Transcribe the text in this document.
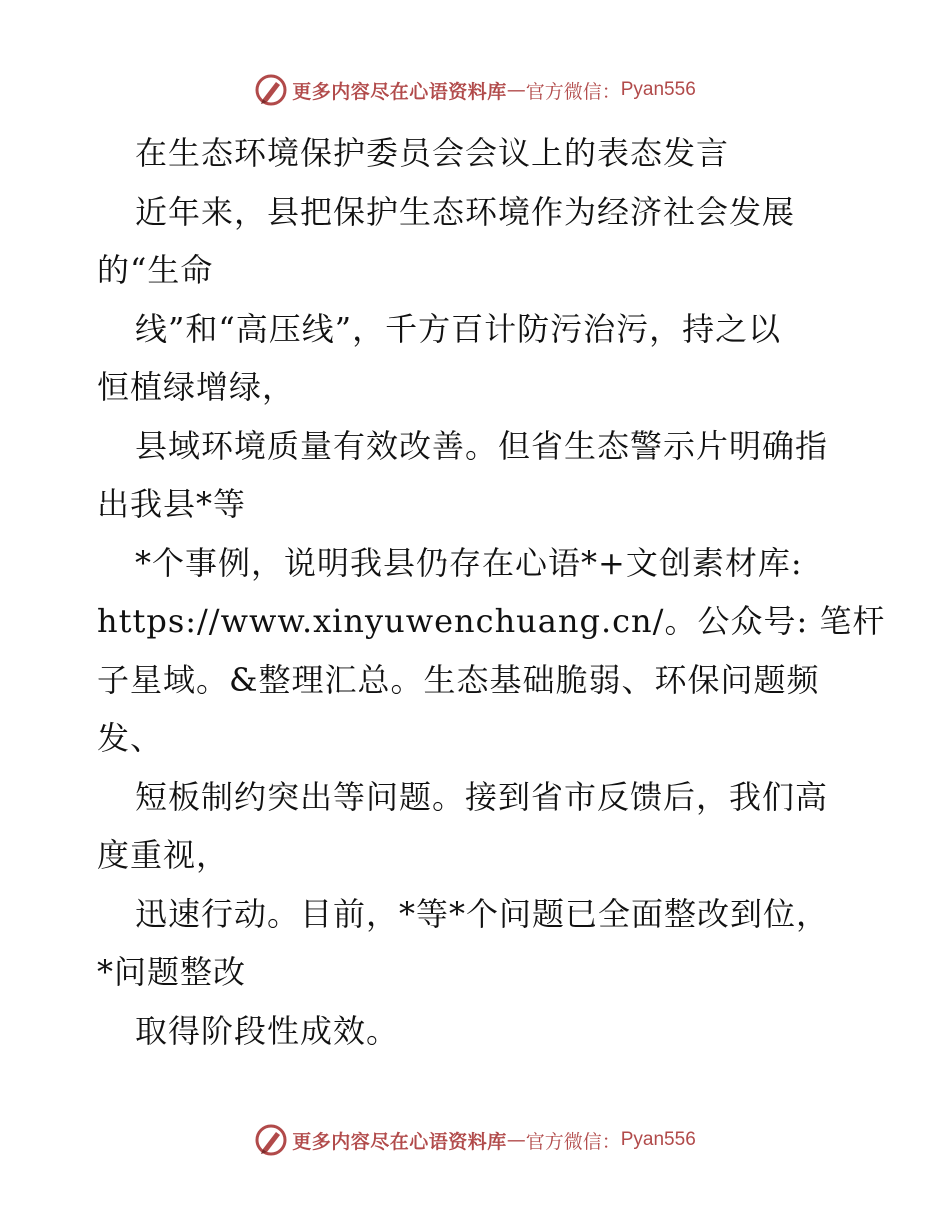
更多内容尽在心语资料库 — 官方微信： Pyan556

在生态环境保护委员会会议上的表态发言

近年来，县把保护生态环境作为经济社会发展

的“生命

线”和“高压线”，千方百计防污治污，持之以

恒植绿增绿，

县域环境质量有效改善。但省生态警示片明确指

出我县*等

*个事例，说明我县仍存在心语*+文创素材库:

https://www.xinyuwenchuang.cn/。公众号: 笔杆

子星域。&整理汇总。生态基础脆弱、环保问题频

发、

短板制约突出等问题。接到省市反馈后，我们高

度重视，

迅速行动。目前，*等*个问题已全面整改到位，

*问题整改

取得阶段性成效。

更多内容尽在心语资料库 — 官方微信： Pyan556
